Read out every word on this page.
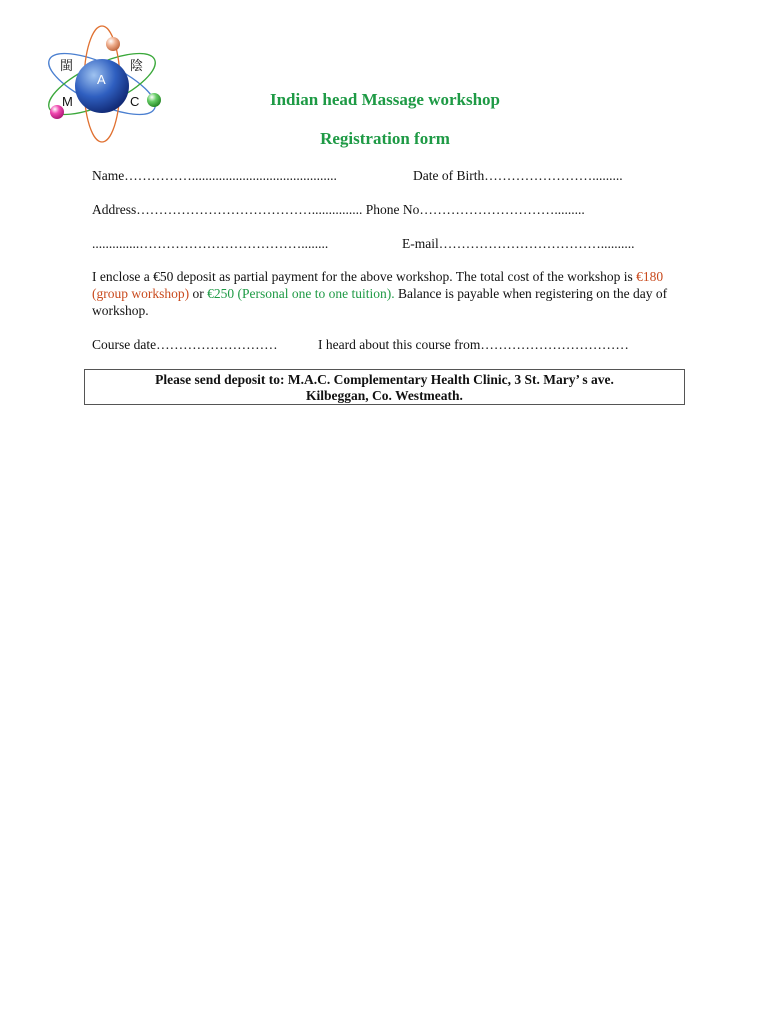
A
M	C
閩	陰
Indian head Massage workshop
Registration form
Name……………...........................................	Date of Birth…………………….........
Address…………………………………............... Phone No………………………….........
..............………………………………........	E-mail………………………………..........
I enclose a €50 deposit as partial payment for the above workshop. The total cost of the workshop is €180 (group workshop) or €250 (Personal one to one tuition). Balance is payable when registering on the day of workshop.
Course date………………………	I heard about this course from……………………………
Please send deposit to: M.A.C. Complementary Health Clinic, 3 St. Mary’ s ave.
Kilbeggan, Co. Westmeath.
